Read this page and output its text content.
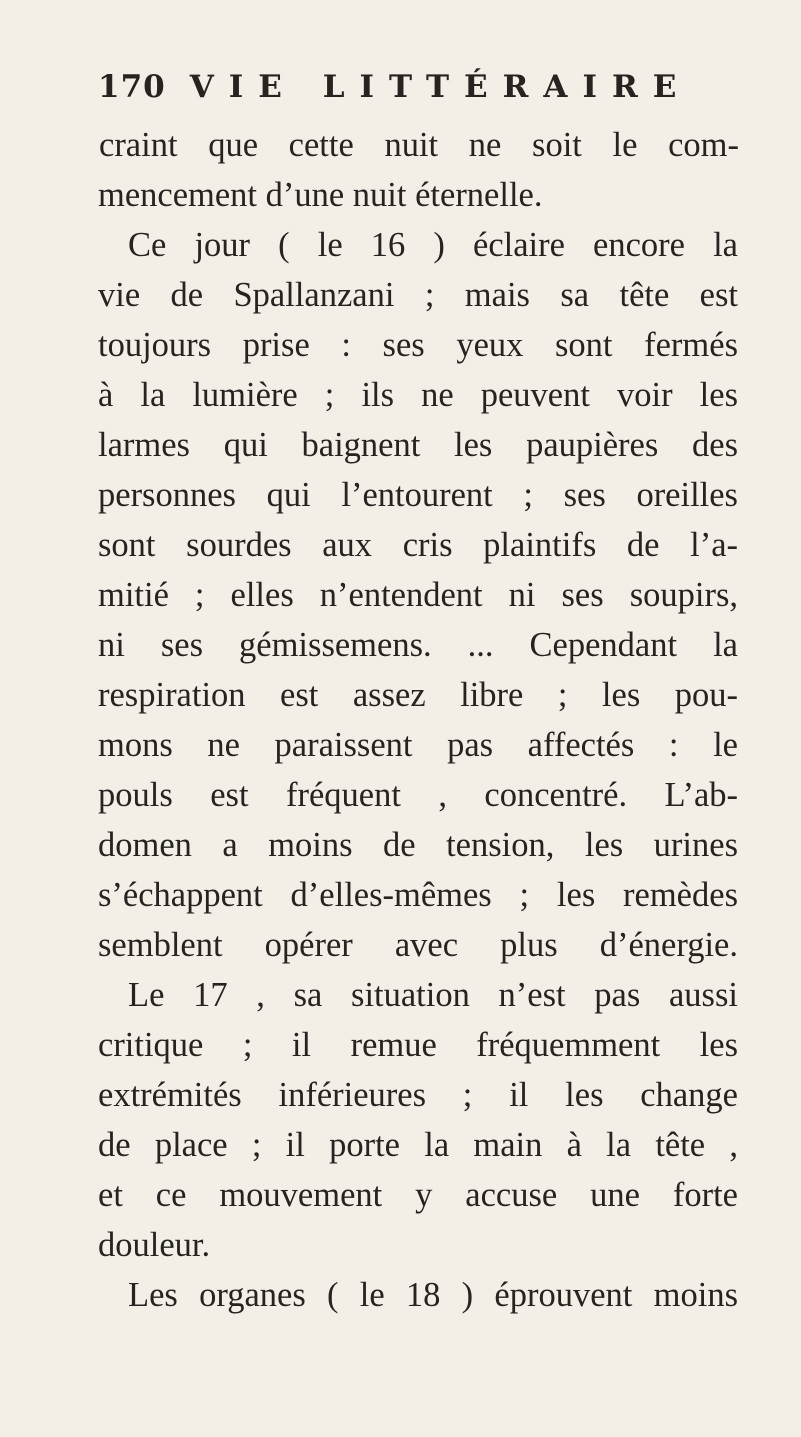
170 VIE LITTÉRAIRE
craint que cette nuit ne soit le com-
mencement d’une nuit éternelle.
Ce jour ( le 16 ) éclaire encore la
vie de Spallanzani ; mais sa tête est
toujours prise : ses yeux sont fermés
à la lumière ; ils ne peuvent voir les
larmes qui baignent les paupières des
personnes qui l’entourent ; ses oreilles
sont sourdes aux cris plaintifs de l’a-
mitié ; elles n’entendent ni ses soupirs,
ni ses gémissemens. ... Cependant la
respiration est assez libre ; les pou-
mons ne paraissent pas affectés : le
pouls est fréquent , concentré. L’ab-
domen a moins de tension, les urines
s’échappent d’elles-mêmes ; les remèdes
semblent opérer avec plus d’énergie.
Le 17 , sa situation n’est pas aussi
critique ; il remue fréquemment les
extrémités inférieures ; il les change
de place ; il porte la main à la tête ,
et ce mouvement y accuse une forte
douleur.
Les organes ( le 18 ) éprouvent moins
